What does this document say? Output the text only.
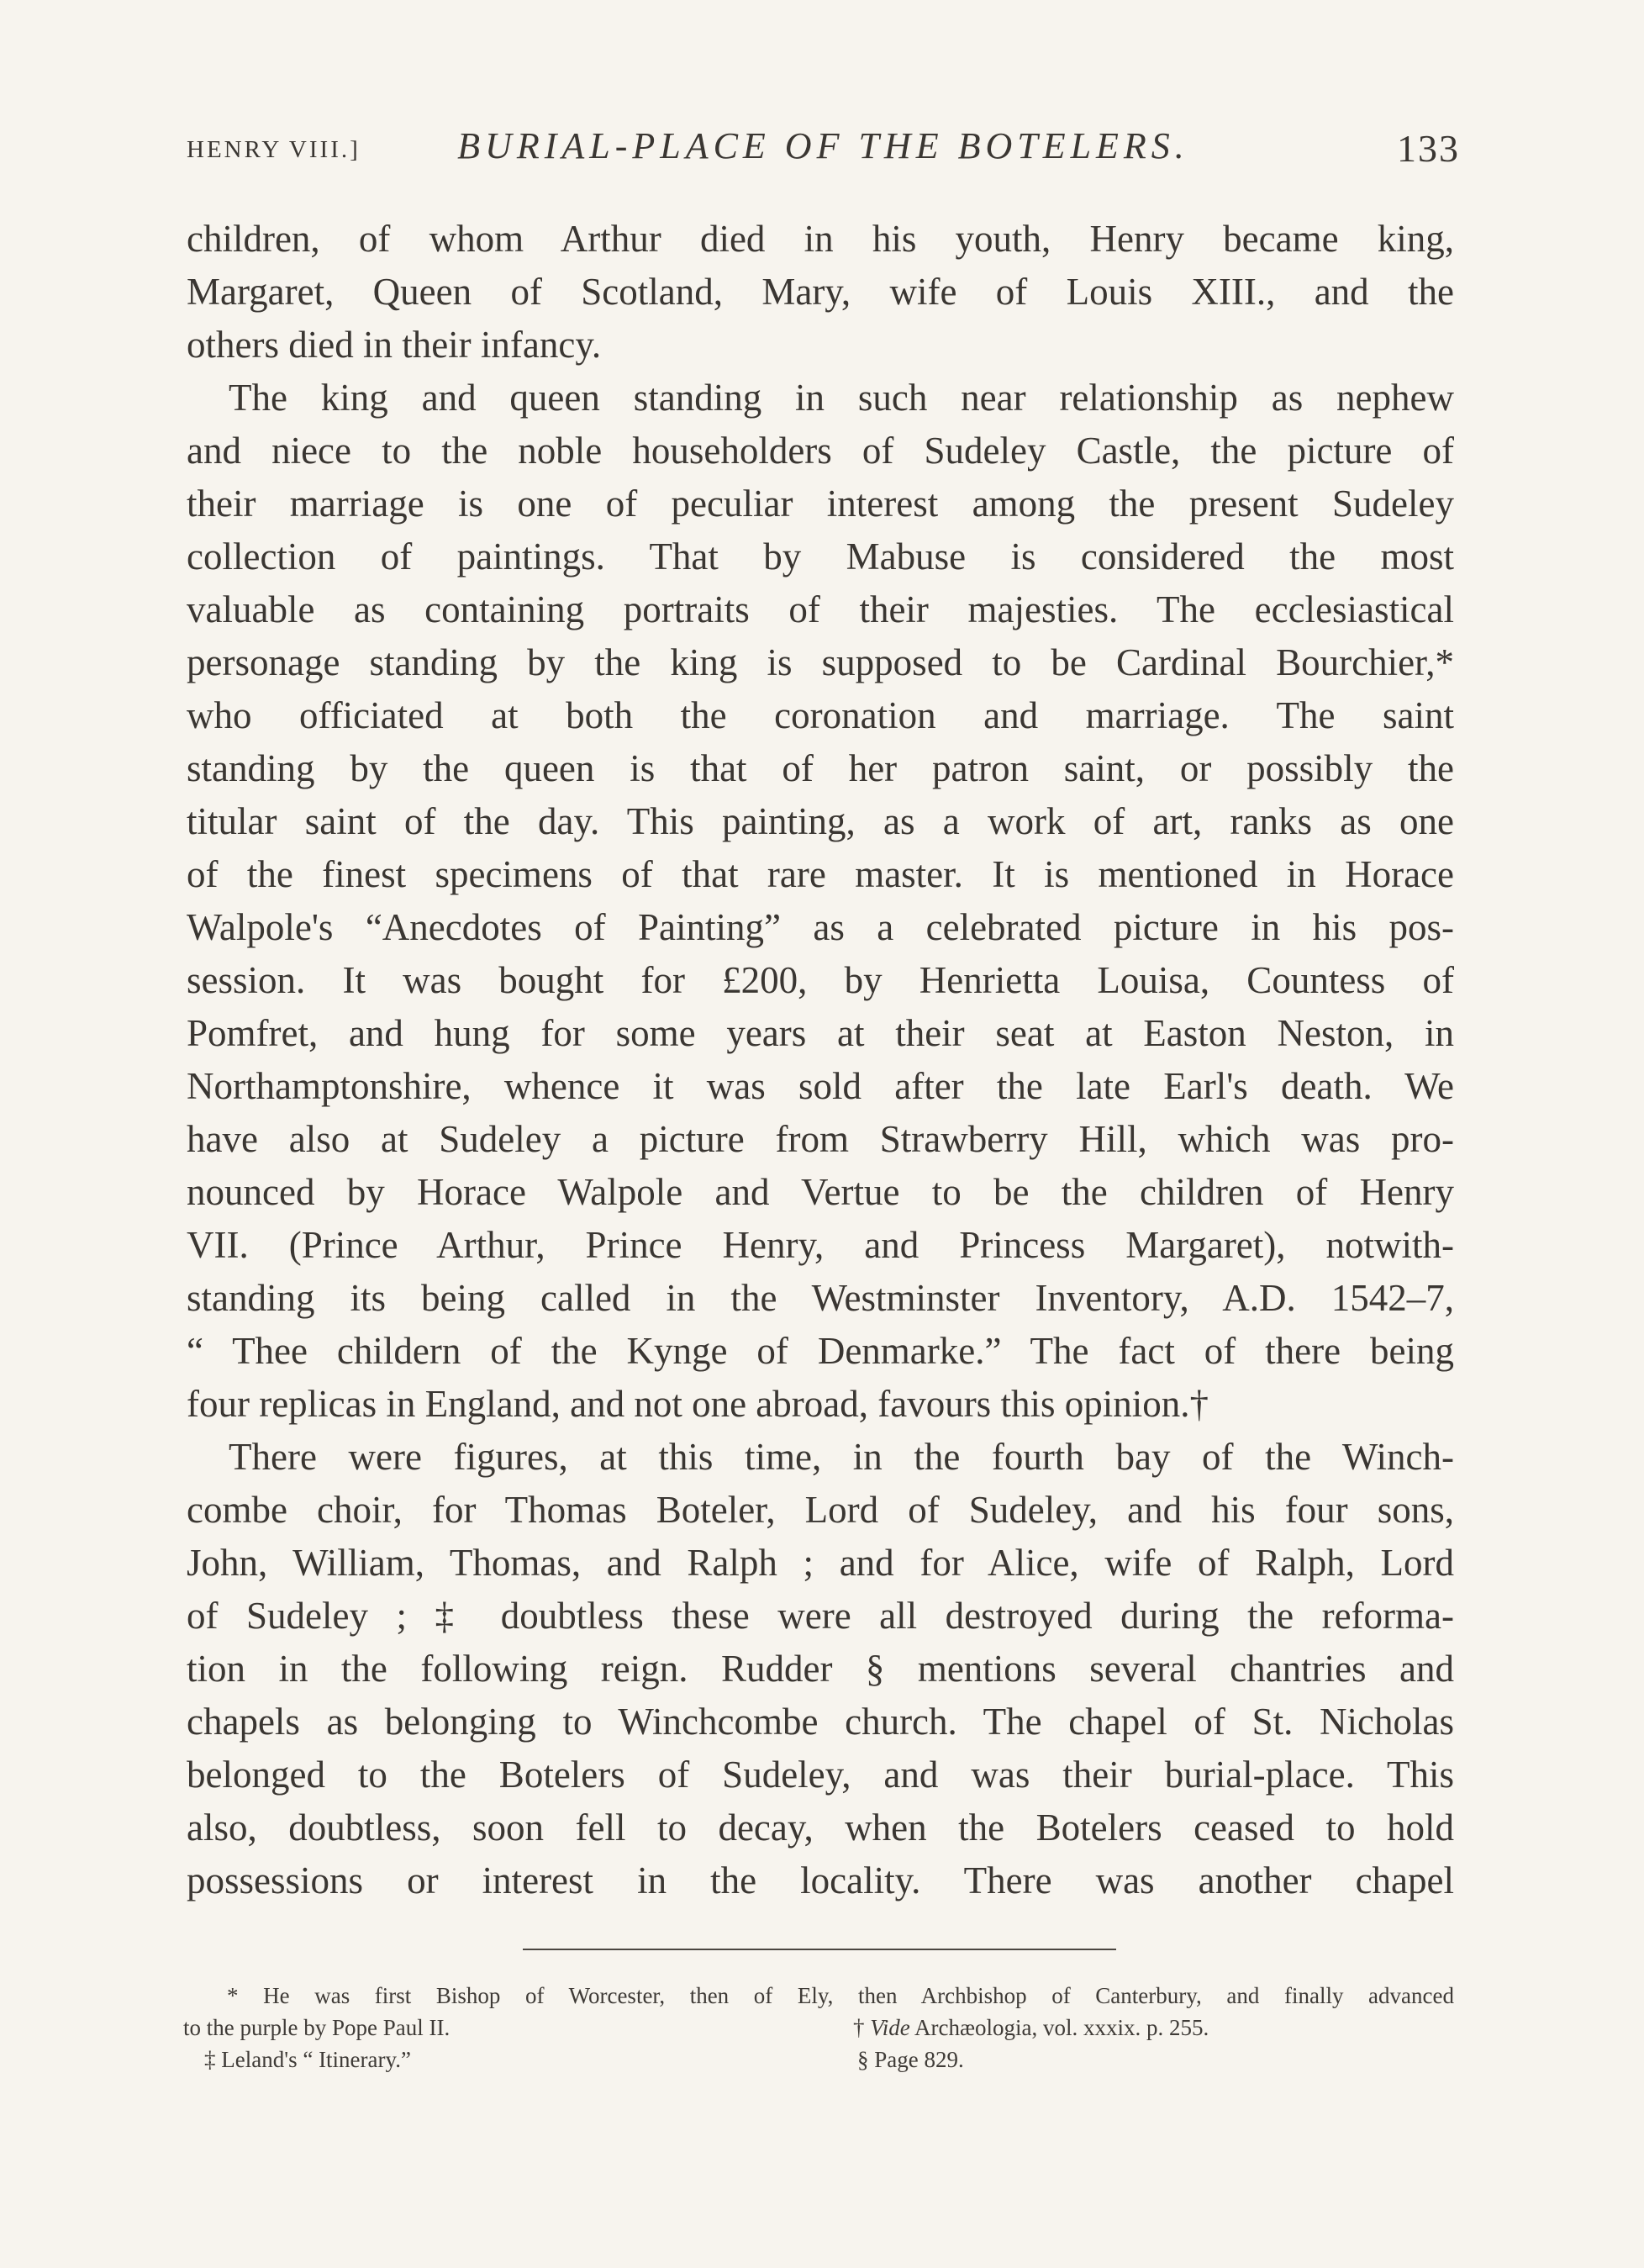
HENRY VIII.]	BURIAL-PLACE OF THE BOTELERS.	133
children, of whom Arthur died in his youth, Henry became king,
Margaret, Queen of Scotland, Mary, wife of Louis XIII., and the
others died in their infancy.
The king and queen standing in such near relationship as nephew
and niece to the noble householders of Sudeley Castle, the picture of
their marriage is one of peculiar interest among the present Sudeley
collection of paintings. That by Mabuse is considered the most
valuable as containing portraits of their majesties. The ecclesiastical
personage standing by the king is supposed to be Cardinal Bourchier,*
who officiated at both the coronation and marriage. The saint
standing by the queen is that of her patron saint, or possibly the
titular saint of the day. This painting, as a work of art, ranks as one
of the finest specimens of that rare master. It is mentioned in Horace
Walpole's “Anecdotes of Painting” as a celebrated picture in his pos-
session. It was bought for £200, by Henrietta Louisa, Countess of
Pomfret, and hung for some years at their seat at Easton Neston, in
Northamptonshire, whence it was sold after the late Earl's death. We
have also at Sudeley a picture from Strawberry Hill, which was pro-
nounced by Horace Walpole and Vertue to be the children of Henry
VII. (Prince Arthur, Prince Henry, and Princess Margaret), notwith-
standing its being called in the Westminster Inventory, A.D. 1542–7,
“ Thee childern of the Kynge of Denmarke.” The fact of there being
four replicas in England, and not one abroad, favours this opinion.†
There were figures, at this time, in the fourth bay of the Winch-
combe choir, for Thomas Boteler, Lord of Sudeley, and his four sons,
John, William, Thomas, and Ralph ; and for Alice, wife of Ralph, Lord
of Sudeley ; ‡ doubtless these were all destroyed during the reforma-
tion in the following reign. Rudder § mentions several chantries and
chapels as belonging to Winchcombe church. The chapel of St. Nicholas
belonged to the Botelers of Sudeley, and was their burial-place. This
also, doubtless, soon fell to decay, when the Botelers ceased to hold
possessions or interest in the locality. There was another chapel
* He was first Bishop of Worcester, then of Ely, then Archbishop of Canterbury, and finally advanced
to the purple by Pope Paul II.	† Vide Archæologia, vol. xxxix. p. 255.
‡ Leland's “ Itinerary.”	§ Page 829.
